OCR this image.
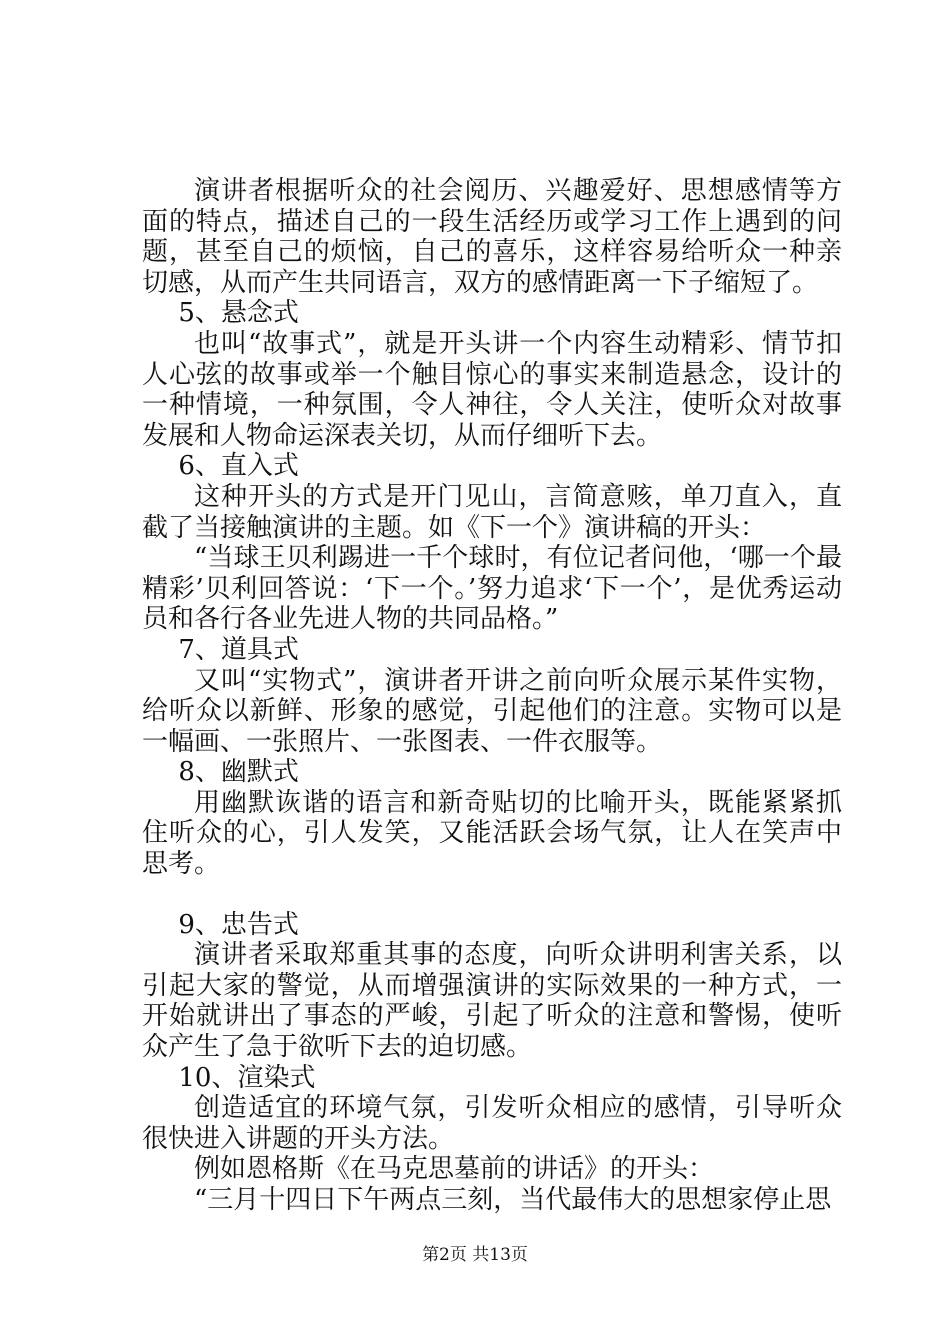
演讲者根据听众的社会阅历、兴趣爱好、思想感情等方面的特点，描述自己的一段生活经历或学习工作上遇到的问题，甚至自己的烦恼，自己的喜乐，这样容易给听众一种亲切感，从而产生共同语言，双方的感情距离一下子缩短了。

5、悬念式

也叫“故事式”，就是开头讲一个内容生动精彩、情节扣人心弦的故事或举一个触目惊心的事实来制造悬念，设计的一种情境，一种氛围，令人神往，令人关注，使听众对故事发展和人物命运深表关切，从而仔细听下去。

6、直入式

这种开头的方式是开门见山，言简意赅，单刀直入，直截了当接触演讲的主题。如《下一个》演讲稿的开头：

“当球王贝利踢进一千个球时，有位记者问他，‘哪一个最精彩’贝利回答说：‘下一个。’努力追求‘下一个’，是优秀运动员和各行各业先进人物的共同品格。”

7、道具式

又叫“实物式”，演讲者开讲之前向听众展示某件实物，给听众以新鲜、形象的感觉，引起他们的注意。实物可以是一幅画、一张照片、一张图表、一件衣服等。

8、幽默式

用幽默诙谐的语言和新奇贴切的比喻开头，既能紧紧抓住听众的心，引人发笑，又能活跃会场气氛，让人在笑声中思考。

9、忠告式

演讲者采取郑重其事的态度，向听众讲明利害关系，以引起大家的警觉，从而增强演讲的实际效果的一种方式，一开始就讲出了事态的严峻，引起了听众的注意和警惕，使听众产生了急于欲听下去的迫切感。

10、渲染式

创造适宜的环境气氛，引发听众相应的感情，引导听众很快进入讲题的开头方法。

例如恩格斯《在马克思墓前的讲话》的开头：

“三月十四日下午两点三刻，当代最伟大的思想家停止思

第2页 共13页
